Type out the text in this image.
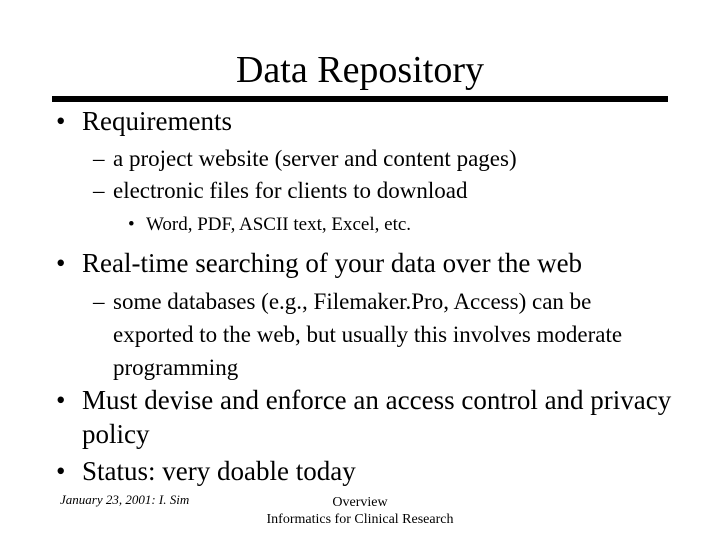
Data Repository
• Requirements
– a project website (server and content pages)
– electronic files for clients to download
• Word, PDF, ASCII text, Excel, etc.
• Real-time searching of your data over the web
– some databases (e.g., Filemaker.Pro, Access) can be exported to the web, but usually this involves moderate programming
• Must devise and enforce an access control and privacy policy
• Status: very doable today
January 23, 2001: I. Sim	Overview
Informatics for Clinical Research
